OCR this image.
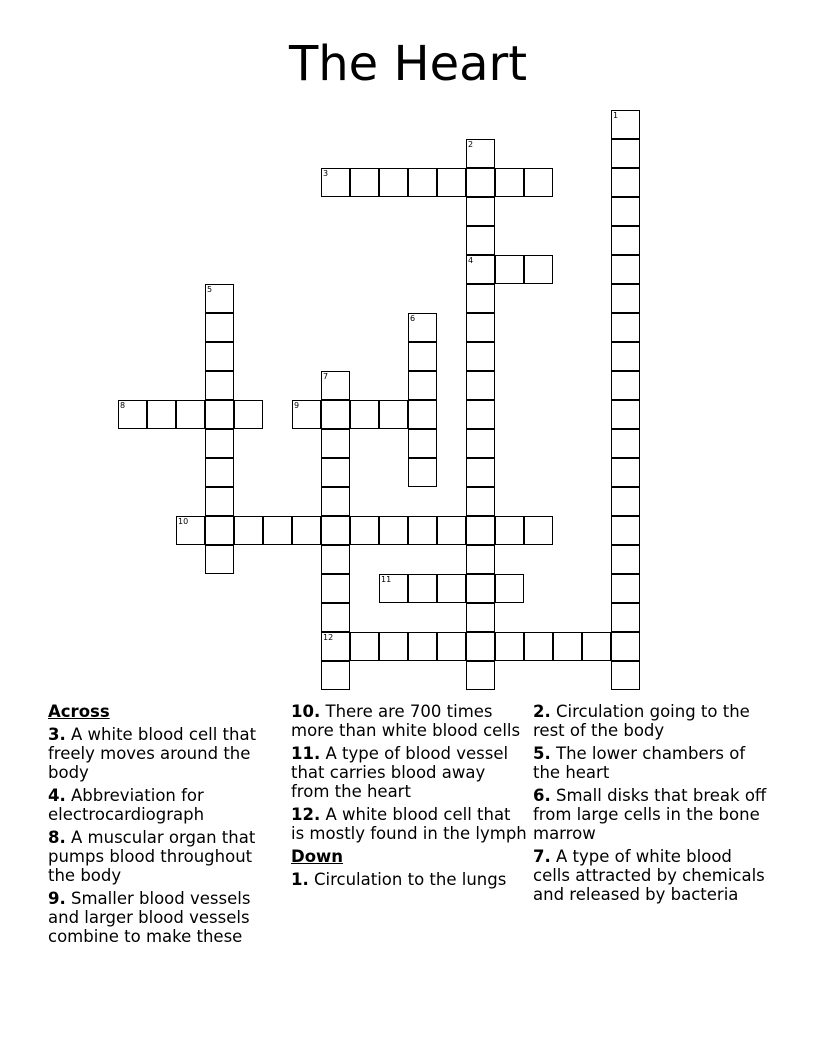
The Heart
1
2
4
3
5
6
7
12
8	9
10
11
Across
3. A white blood cell that freely moves around the body
4. Abbreviation for electrocardiograph
8. A muscular organ that pumps blood throughout the body
9. Smaller blood vessels and larger blood vessels combine to make these
10. There are 700 times more than white blood cells
11. A type of blood vessel that carries blood away from the heart
12. A white blood cell that is mostly found in the lymph
Down
1. Circulation to the lungs
2. Circulation going to the rest of the body
5. The lower chambers of the heart
6. Small disks that break off from large cells in the bone marrow
7. A type of white blood cells attracted by chemicals and released by bacteria
